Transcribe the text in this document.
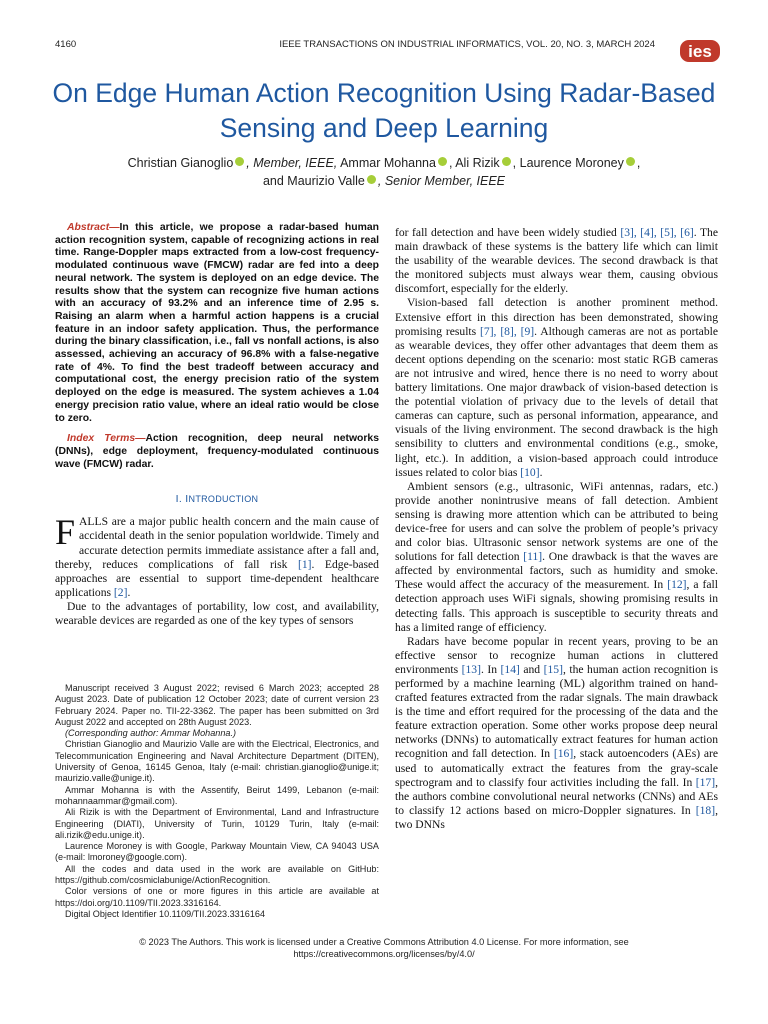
4160	IEEE TRANSACTIONS ON INDUSTRIAL INFORMATICS, VOL. 20, NO. 3, MARCH 2024 ies
On Edge Human Action Recognition Using Radar-Based Sensing and Deep Learning
Christian Gianoglio , Member, IEEE, Ammar Mohanna , Ali Rizik , Laurence Moroney ,
and Maurizio Valle , Senior Member, IEEE

Abstract—In this article, we propose a radar-based human action recognition system, capable of recognizing actions in real time. Range-Doppler maps extracted from a low-cost frequency-modulated continuous wave (FMCW) radar are fed into a deep neural network. The system is deployed on an edge device. The results show that the system can recognize five human actions with an accuracy of 93.2% and an inference time of 2.95 s. Raising an alarm when a harmful action happens is a crucial feature in an indoor safety application. Thus, the performance during the binary classification, i.e., fall vs nonfall actions, is also assessed, achieving an accuracy of 96.8% with a false-negative rate of 4%. To find the best tradeoff between accuracy and computational cost, the energy precision ratio of the system deployed on the edge is measured. The system achieves a 1.04 energy precision ratio value, where an ideal ratio would be close to zero.

Index Terms—Action recognition, deep neural networks (DNNs), edge deployment, frequency-modulated continuous wave (FMCW) radar.

I. INTRODUCTION

FALLS are a major public health concern and the main cause of accidental death in the senior population worldwide. Timely and accurate detection permits immediate assistance after a fall and, thereby, reduces complications of fall risk [1]. Edge-based approaches are essential to support time-dependent healthcare applications [2].

Due to the advantages of portability, low cost, and availability, wearable devices are regarded as one of the key types of sensors

Manuscript received 3 August 2022; revised 6 March 2023; accepted 28 August 2023. Date of publication 12 October 2023; date of current version 23 February 2024. Paper no. TII-22-3362. The paper has been submitted on 3rd August 2022 and accepted on 28th August 2023.

(Corresponding author: Ammar Mohanna.)

Christian Gianoglio and Maurizio Valle are with the Electrical, Electronics, and Telecommunication Engineering and Naval Architecture Department (DITEN), University of Genoa, 16145 Genoa, Italy (e-mail: christian.gianoglio@unige.it; maurizio.valle@unige.it).

Ammar Mohanna is with the Assentify, Beirut 1499, Lebanon (e-mail: mohannaammar@gmail.com).

Ali Rizik is with the Department of Environmental, Land and Infrastructure Engineering (DIATI), University of Turin, 10129 Turin, Italy (e-mail: ali.rizik@edu.unige.it).

Laurence Moroney is with Google, Parkway Mountain View, CA 94043 USA (e-mail: lmoroney@google.com).

All the codes and data used in the work are available on GitHub: https://github.com/cosmiclabunige/ActionRecognition.

Color versions of one or more figures in this article are available at https://doi.org/10.1109/TII.2023.3316164.

Digital Object Identifier 10.1109/TII.2023.3316164

for fall detection and have been widely studied [3], [4], [5], [6]. The main drawback of these systems is the battery life which can limit the usability of the wearable devices. The second drawback is that the monitored subjects must always wear them, causing obvious discomfort, especially for the elderly.

Vision-based fall detection is another prominent method. Extensive effort in this direction has been demonstrated, showing promising results [7], [8], [9]. Although cameras are not as portable as wearable devices, they offer other advantages that deem them as decent options depending on the scenario: most static RGB cameras are not intrusive and wired, hence there is no need to worry about battery limitations. One major drawback of vision-based detection is the potential violation of privacy due to the levels of detail that cameras can capture, such as personal information, appearance, and visuals of the living environment. The second drawback is the high sensibility to clutters and environmental conditions (e.g., smoke, light, etc.). In addition, a vision-based approach could introduce issues related to color bias [10].

Ambient sensors (e.g., ultrasonic, WiFi antennas, radars, etc.) provide another nonintrusive means of fall detection. Ambient sensing is drawing more attention which can be attributed to being device-free for users and can solve the problem of people’s privacy and color bias. Ultrasonic sensor network systems are one of the solutions for fall detection [11]. One drawback is that the waves are affected by environmental factors, such as humidity and smoke. These would affect the accuracy of the measurement. In [12], a fall detection approach uses WiFi signals, showing promising results in detecting falls. This approach is susceptible to security threats and has a limited range of efficiency.

Radars have become popular in recent years, proving to be an effective sensor to recognize human actions in cluttered environments [13]. In [14] and [15], the human action recognition is performed by a machine learning (ML) algorithm trained on hand-crafted features extracted from the radar signals. The main drawback is the time and effort required for the processing of the data and the feature extraction operation. Some other works propose deep neural networks (DNNs) to automatically extract features for human action recognition and fall detection. In [16], stack autoencoders (AEs) are used to automatically extract the features from the gray-scale spectrogram and to classify four activities including the fall. In [17], the authors combine convolutional neural networks (CNNs) and AEs to classify 12 actions based on micro-Doppler signatures. In [18], two DNNs

© 2023 The Authors. This work is licensed under a Creative Commons Attribution 4.0 License. For more information, see
https://creativecommons.org/licenses/by/4.0/
